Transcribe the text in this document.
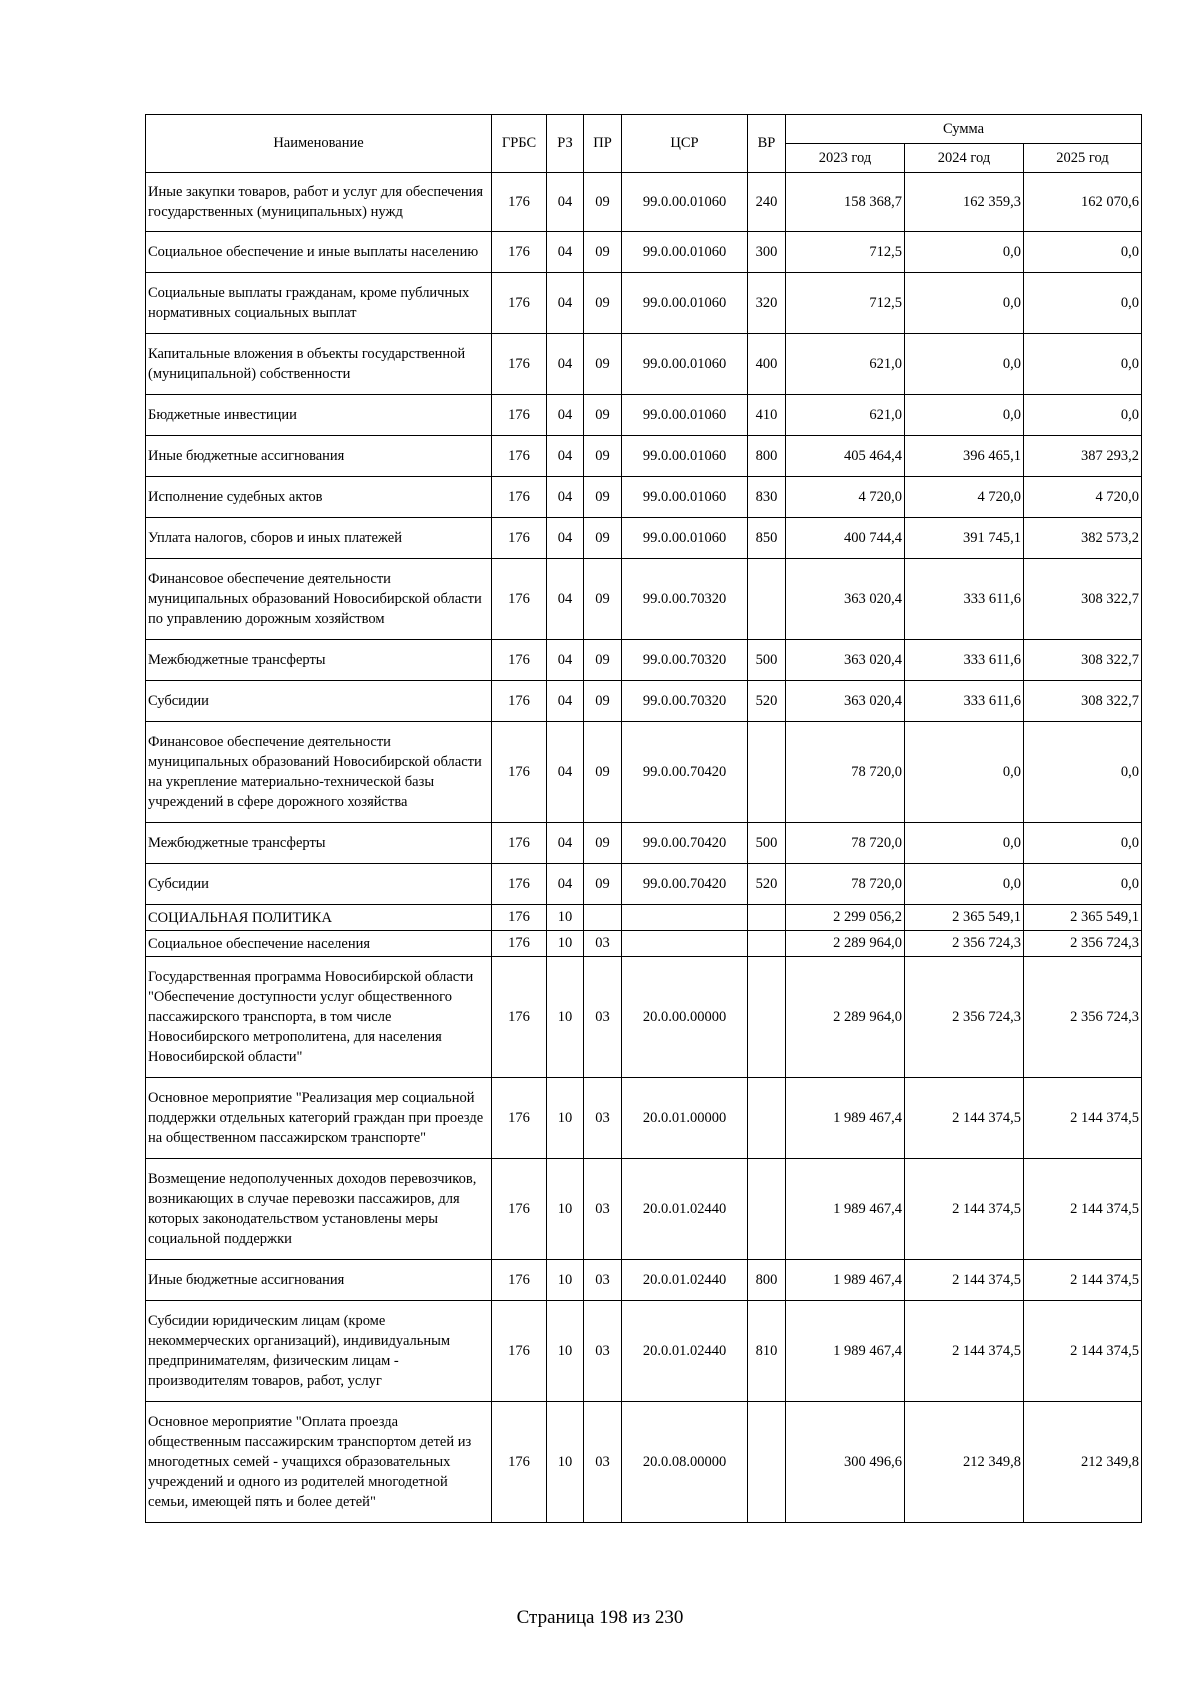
Наименование	ГРБС	РЗ	ПР	ЦСР	ВР	Сумма		
						2023 год	2024 год	2025 год
Иные закупки товаров, работ и услуг для обеспечения государственных (муниципальных) нужд	176	04	09	99.0.00.01060	240	158 368,7	162 359,3	162 070,6
Социальное обеспечение и иные выплаты населению	176	04	09	99.0.00.01060	300	712,5	0,0	0,0
Социальные выплаты гражданам, кроме публичных нормативных социальных выплат	176	04	09	99.0.00.01060	320	712,5	0,0	0,0
Капитальные вложения в объекты государственной (муниципальной) собственности	176	04	09	99.0.00.01060	400	621,0	0,0	0,0
Бюджетные инвестиции	176	04	09	99.0.00.01060	410	621,0	0,0	0,0
Иные бюджетные ассигнования	176	04	09	99.0.00.01060	800	405 464,4	396 465,1	387 293,2
Исполнение судебных актов	176	04	09	99.0.00.01060	830	4 720,0	4 720,0	4 720,0
Уплата налогов, сборов и иных платежей	176	04	09	99.0.00.01060	850	400 744,4	391 745,1	382 573,2
Финансовое обеспечение деятельности муниципальных образований Новосибирской области по управлению дорожным хозяйством	176	04	09	99.0.00.70320		363 020,4	333 611,6	308 322,7
Межбюджетные трансферты	176	04	09	99.0.00.70320	500	363 020,4	333 611,6	308 322,7
Субсидии	176	04	09	99.0.00.70320	520	363 020,4	333 611,6	308 322,7
Финансовое обеспечение деятельности муниципальных образований Новосибирской области на укрепление материально-технической базы учреждений в сфере дорожного хозяйства	176	04	09	99.0.00.70420		78 720,0	0,0	0,0
Межбюджетные трансферты	176	04	09	99.0.00.70420	500	78 720,0	0,0	0,0
Субсидии	176	04	09	99.0.00.70420	520	78 720,0	0,0	0,0
СОЦИАЛЬНАЯ ПОЛИТИКА	176	10				2 299 056,2	2 365 549,1	2 365 549,1
Социальное обеспечение населения	176	10	03			2 289 964,0	2 356 724,3	2 356 724,3
Государственная программа Новосибирской области "Обеспечение доступности услуг общественного пассажирского транспорта, в том числе Новосибирского метрополитена, для населения Новосибирской области"	176	10	03	20.0.00.00000		2 289 964,0	2 356 724,3	2 356 724,3
Основное мероприятие "Реализация мер социальной поддержки отдельных категорий граждан при проезде на общественном пассажирском транспорте"	176	10	03	20.0.01.00000		1 989 467,4	2 144 374,5	2 144 374,5
Возмещение недополученных доходов перевозчиков, возникающих в случае перевозки пассажиров, для которых законодательством установлены меры социальной поддержки	176	10	03	20.0.01.02440		1 989 467,4	2 144 374,5	2 144 374,5
Иные бюджетные ассигнования	176	10	03	20.0.01.02440	800	1 989 467,4	2 144 374,5	2 144 374,5
Субсидии юридическим лицам (кроме некоммерческих организаций), индивидуальным предпринимателям, физическим лицам - производителям товаров, работ, услуг	176	10	03	20.0.01.02440	810	1 989 467,4	2 144 374,5	2 144 374,5
Основное мероприятие "Оплата проезда общественным пассажирским транспортом детей из многодетных семей - учащихся образовательных учреждений и одного из родителей многодетной семьи, имеющей пять и более детей"	176	10	03	20.0.08.00000		300 496,6	212 349,8	212 349,8
Страница 198 из 230
